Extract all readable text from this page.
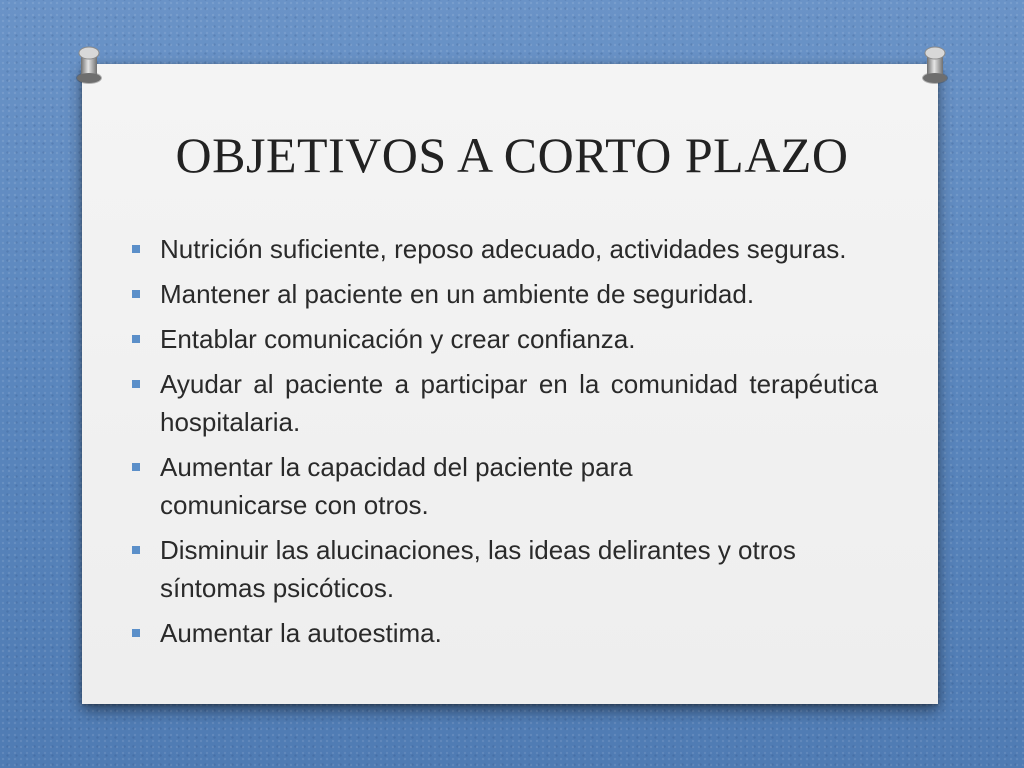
OBJETIVOS A CORTO PLAZO
Nutrición suficiente, reposo adecuado, actividades seguras.
Mantener al paciente en un ambiente de seguridad.
Entablar comunicación y crear confianza.
Ayudar al paciente a participar en la comunidad terapéutica hospitalaria.
Aumentar la capacidad del paciente para comunicarse con otros.
Disminuir las alucinaciones, las ideas delirantes y otros síntomas psicóticos.
Aumentar la autoestima.
